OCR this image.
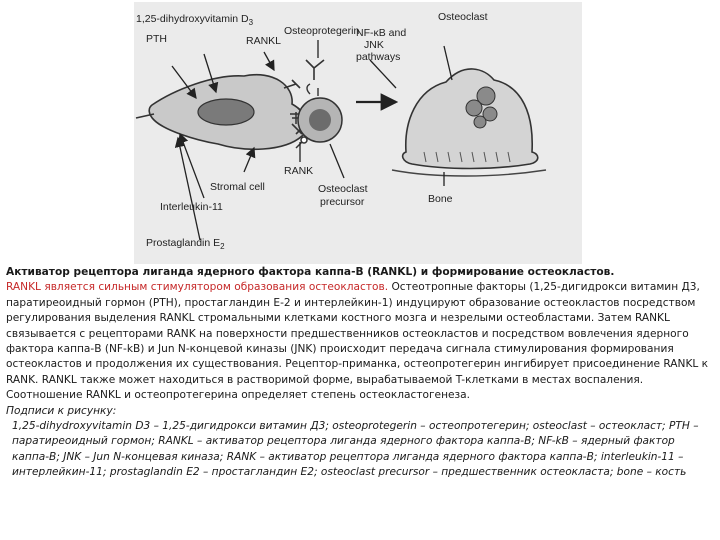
1,25-dihydroxyvitamin $D_3$
PTH	RANKL
Osteoprotegerin
Osteoclast
NF-κB and
JNK
pathways
RANK
Stromal cell	Osteoclast
precursor
Interleukin-11
Bone
Prostaglandin $E_2$

Активатор рецептора лиганда ядерного фактора каппа-B (RANKL) и формирование остеокластов.

RANKL является сильным стимулятором образования остеокластов. Остеотропные факторы (1,25-дигидрокси витамин Д3, паратиреоидный гормон (PTH), простагландин E-2 и интерлейкин-1) индуцируют образование остеокластов посредством регулирования выделения RANKL стромальными клетками костного мозга и незрелыми остеобластами. Затем RANKL связывается с рецепторами RANK на поверхности предшественников остеокластов и посредством вовлечения ядерного фактора каппа-B (NF-kB) и Jun N-концевой киназы (JNK) происходит передача сигнала стимулирования формирования остеокластов и продолжения их существования. Рецептор-приманка, остеопротегерин ингибирует присоединение RANKL к RANK. RANKL также может находиться в растворимой форме, вырабатываемой T-клетками в местах воспаления. Соотношение RANKL и остеопротегерина определяет степень остеокластогенеза.

Подписи к рисунку:

1,25-dihydroxyvitamin D3 – 1,25-дигидрокси витамин Д3; osteoprotegerin – остеопротегерин; osteoclast – остеокласт; PTH – паратиреоидный гормон; RANKL – активатор рецептора лиганда ядерного фактора каппа-B; NF-kB – ядерный фактор каппа-B; JNK – Jun N-концевая киназа; RANK – активатор рецептора лиганда ядерного фактора каппа-B; interleukin-11 – интерлейкин-11; prostaglandin E2 – простагландин E2; osteoclast precursor – предшественник остеокласта; bone – кость
